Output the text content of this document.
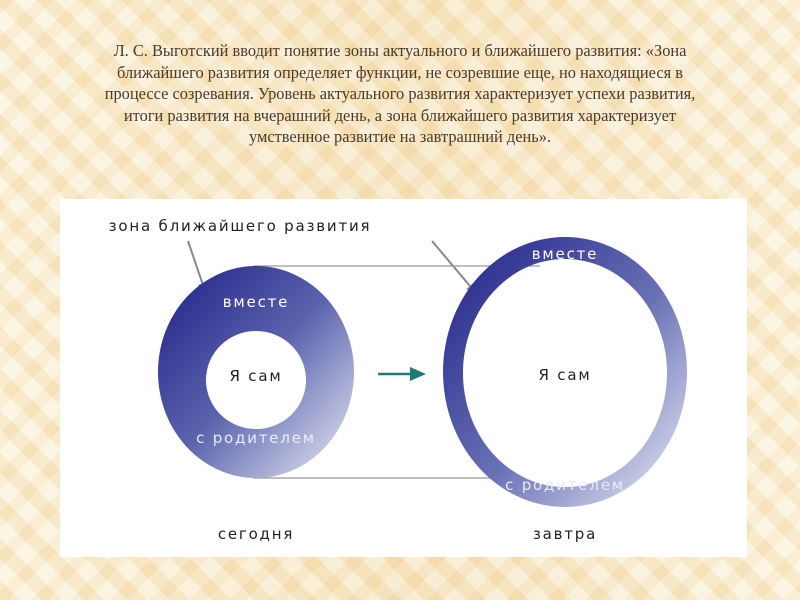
Л. С. Выготский вводит понятие зоны актуального и ближайшего развития: «Зона
ближайшего развития определяет функции, не созревшие еще, но находящиеся в
процессе созревания. Уровень актуального развития характеризует успехи развития,
итоги развития на вчерашний день, а зона ближайшего развития характеризует
умственное развитие на завтрашний день».

зона ближайшего развития
вместе
Я сам
с родителем
вместе
Я сам
с родителем
сегодня	завтра
